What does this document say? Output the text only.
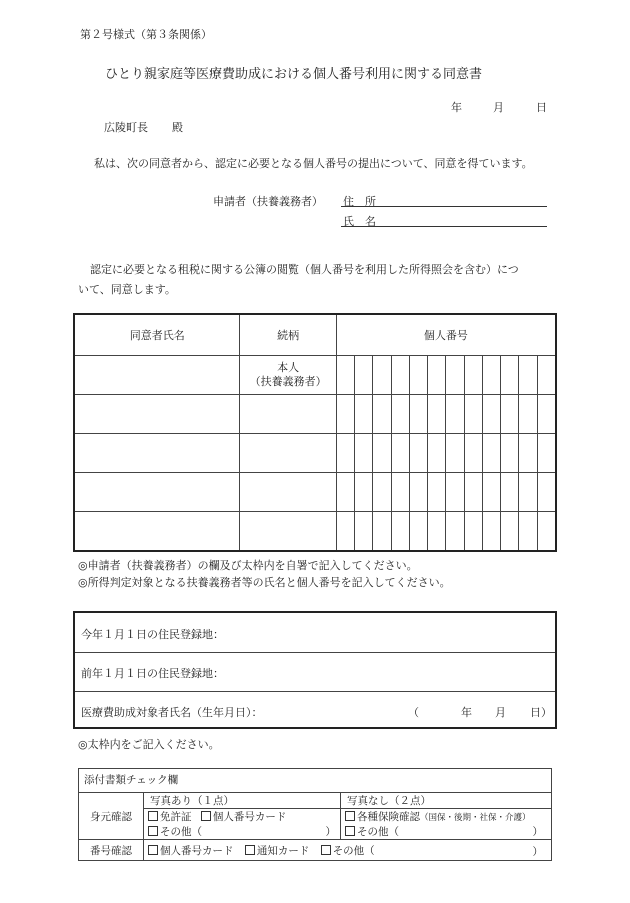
第２号様式（第３条関係）
ひとり親家庭等医療費助成における個人番号利用に関する同意書
年	月	日
広陵町長 殿
私は、次の同意者から、認定に必要となる個人番号の提出について、同意を得ています。
申請者（扶養義務者） 住　所
氏　名
認定に必要となる租税に関する公簿の閲覧（個人番号を利用した所得照会を含む）につ
いて、同意します。
同意者氏名	続柄	個人番号											

	本人
（扶養義務者）												

◎申請者（扶養義務者）の欄及び太枠内を自署で記入してください。
◎所得判定対象となる扶養義務者等の氏名と個人番号を記入してください。
今年１月１日の住民登録地：
前年１月１日の住民登録地：
医療費助成対象者氏名（生年月日）：	（	年 月 日）
◎太枠内をご記入ください。
添付書類チェック欄		
身元確認	写真あり（１点）	写真なし（２点）
	免許証 個人番号カード	各種保険確認（国保・後期・社保・介護）
	その他（ ）	その他（ ）

番号確認	個人番号カード 通知カード その他（ ）	
